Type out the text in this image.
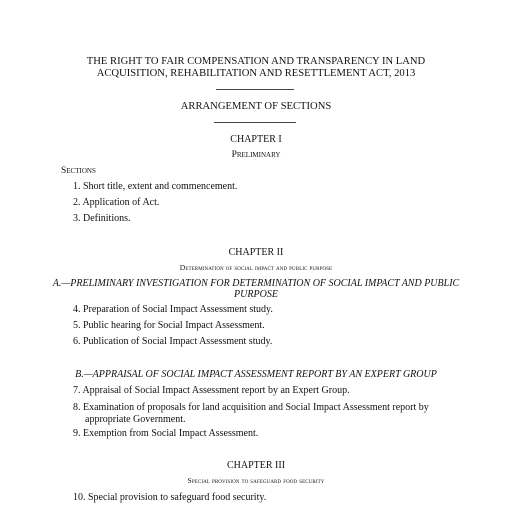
THE RIGHT TO FAIR COMPENSATION AND TRANSPARENCY IN LAND
ACQUISITION, REHABILITATION AND RESETTLEMENT ACT, 2013
ARRANGEMENT OF SECTIONS
CHAPTER I
Preliminary
Sections
1. Short title, extent and commencement.
2. Application of Act.
3. Definitions.
CHAPTER II
Determination of social impact and public purpose
A.—PRELIMINARY INVESTIGATION FOR DETERMINATION OF SOCIAL IMPACT AND PUBLIC
PURPOSE
4. Preparation of Social Impact Assessment study.
5. Public hearing for Social Impact Assessment.
6. Publication of Social Impact Assessment study.
B.—APPRAISAL OF SOCIAL IMPACT ASSESSMENT REPORT BY AN EXPERT GROUP
7. Appraisal of Social Impact Assessment report by an Expert Group.
8. Examination of proposals for land acquisition and Social Impact Assessment report by appropriate Government.
9. Exemption from Social Impact Assessment.
CHAPTER III
Special provision to safeguard food security
10. Special provision to safeguard food security.
